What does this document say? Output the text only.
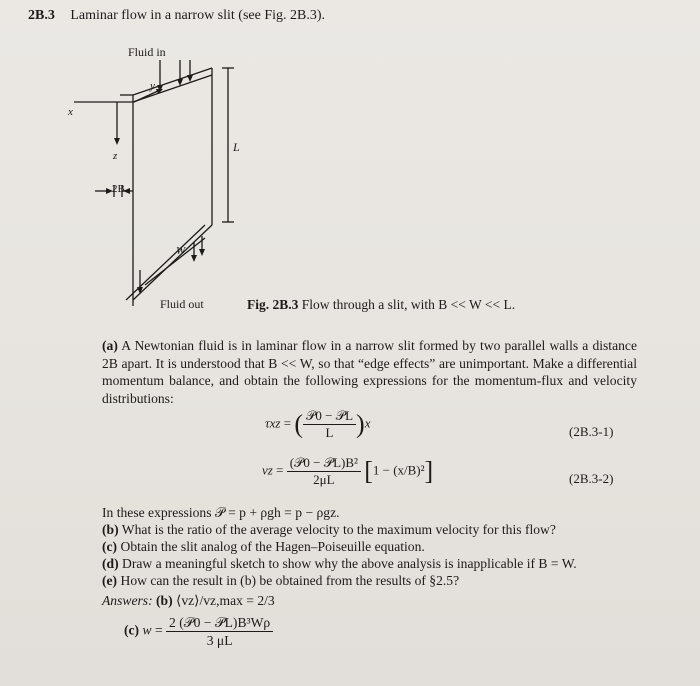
2B.3 Laminar flow in a narrow slit (see Fig. 2B.3).
Fluid in
Fluid out
L
W
2B
x
z
y
Fig. 2B.3 Flow through a slit, with B << W << L.
(a) A Newtonian fluid is in laminar flow in a narrow slit formed by two parallel walls a distance 2B apart. It is understood that B << W, so that “edge effects” are unimportant. Make a differential momentum balance, and obtain the following expressions for the momentum-flux and velocity distributions:
τxz = ( $\frac{\text{𝒫0 − 𝒫L}}{L} )x$
(2B.3-1)
vz = $\frac{\text{(𝒫0 − 𝒫L)B²}}{2\mu L} [1 - (x/B)^2]$	(2B.3-2)
In these expressions 𝒫 = p + ρgh = p − ρgz.
(b) What is the ratio of the average velocity to the maximum velocity for this flow?
(c) Obtain the slit analog of the Hagen–Poiseuille equation.
(d) Draw a meaningful sketch to show why the above analysis is inapplicable if B = W.
(e) How can the result in (b) be obtained from the results of §2.5?
Answers: (b) ⟨vz⟩/vz,max = 2/3
(c) $w = \frac{\text{2 (𝒫0 − 𝒫L)B³Wρ}}{3 \mu L}$
